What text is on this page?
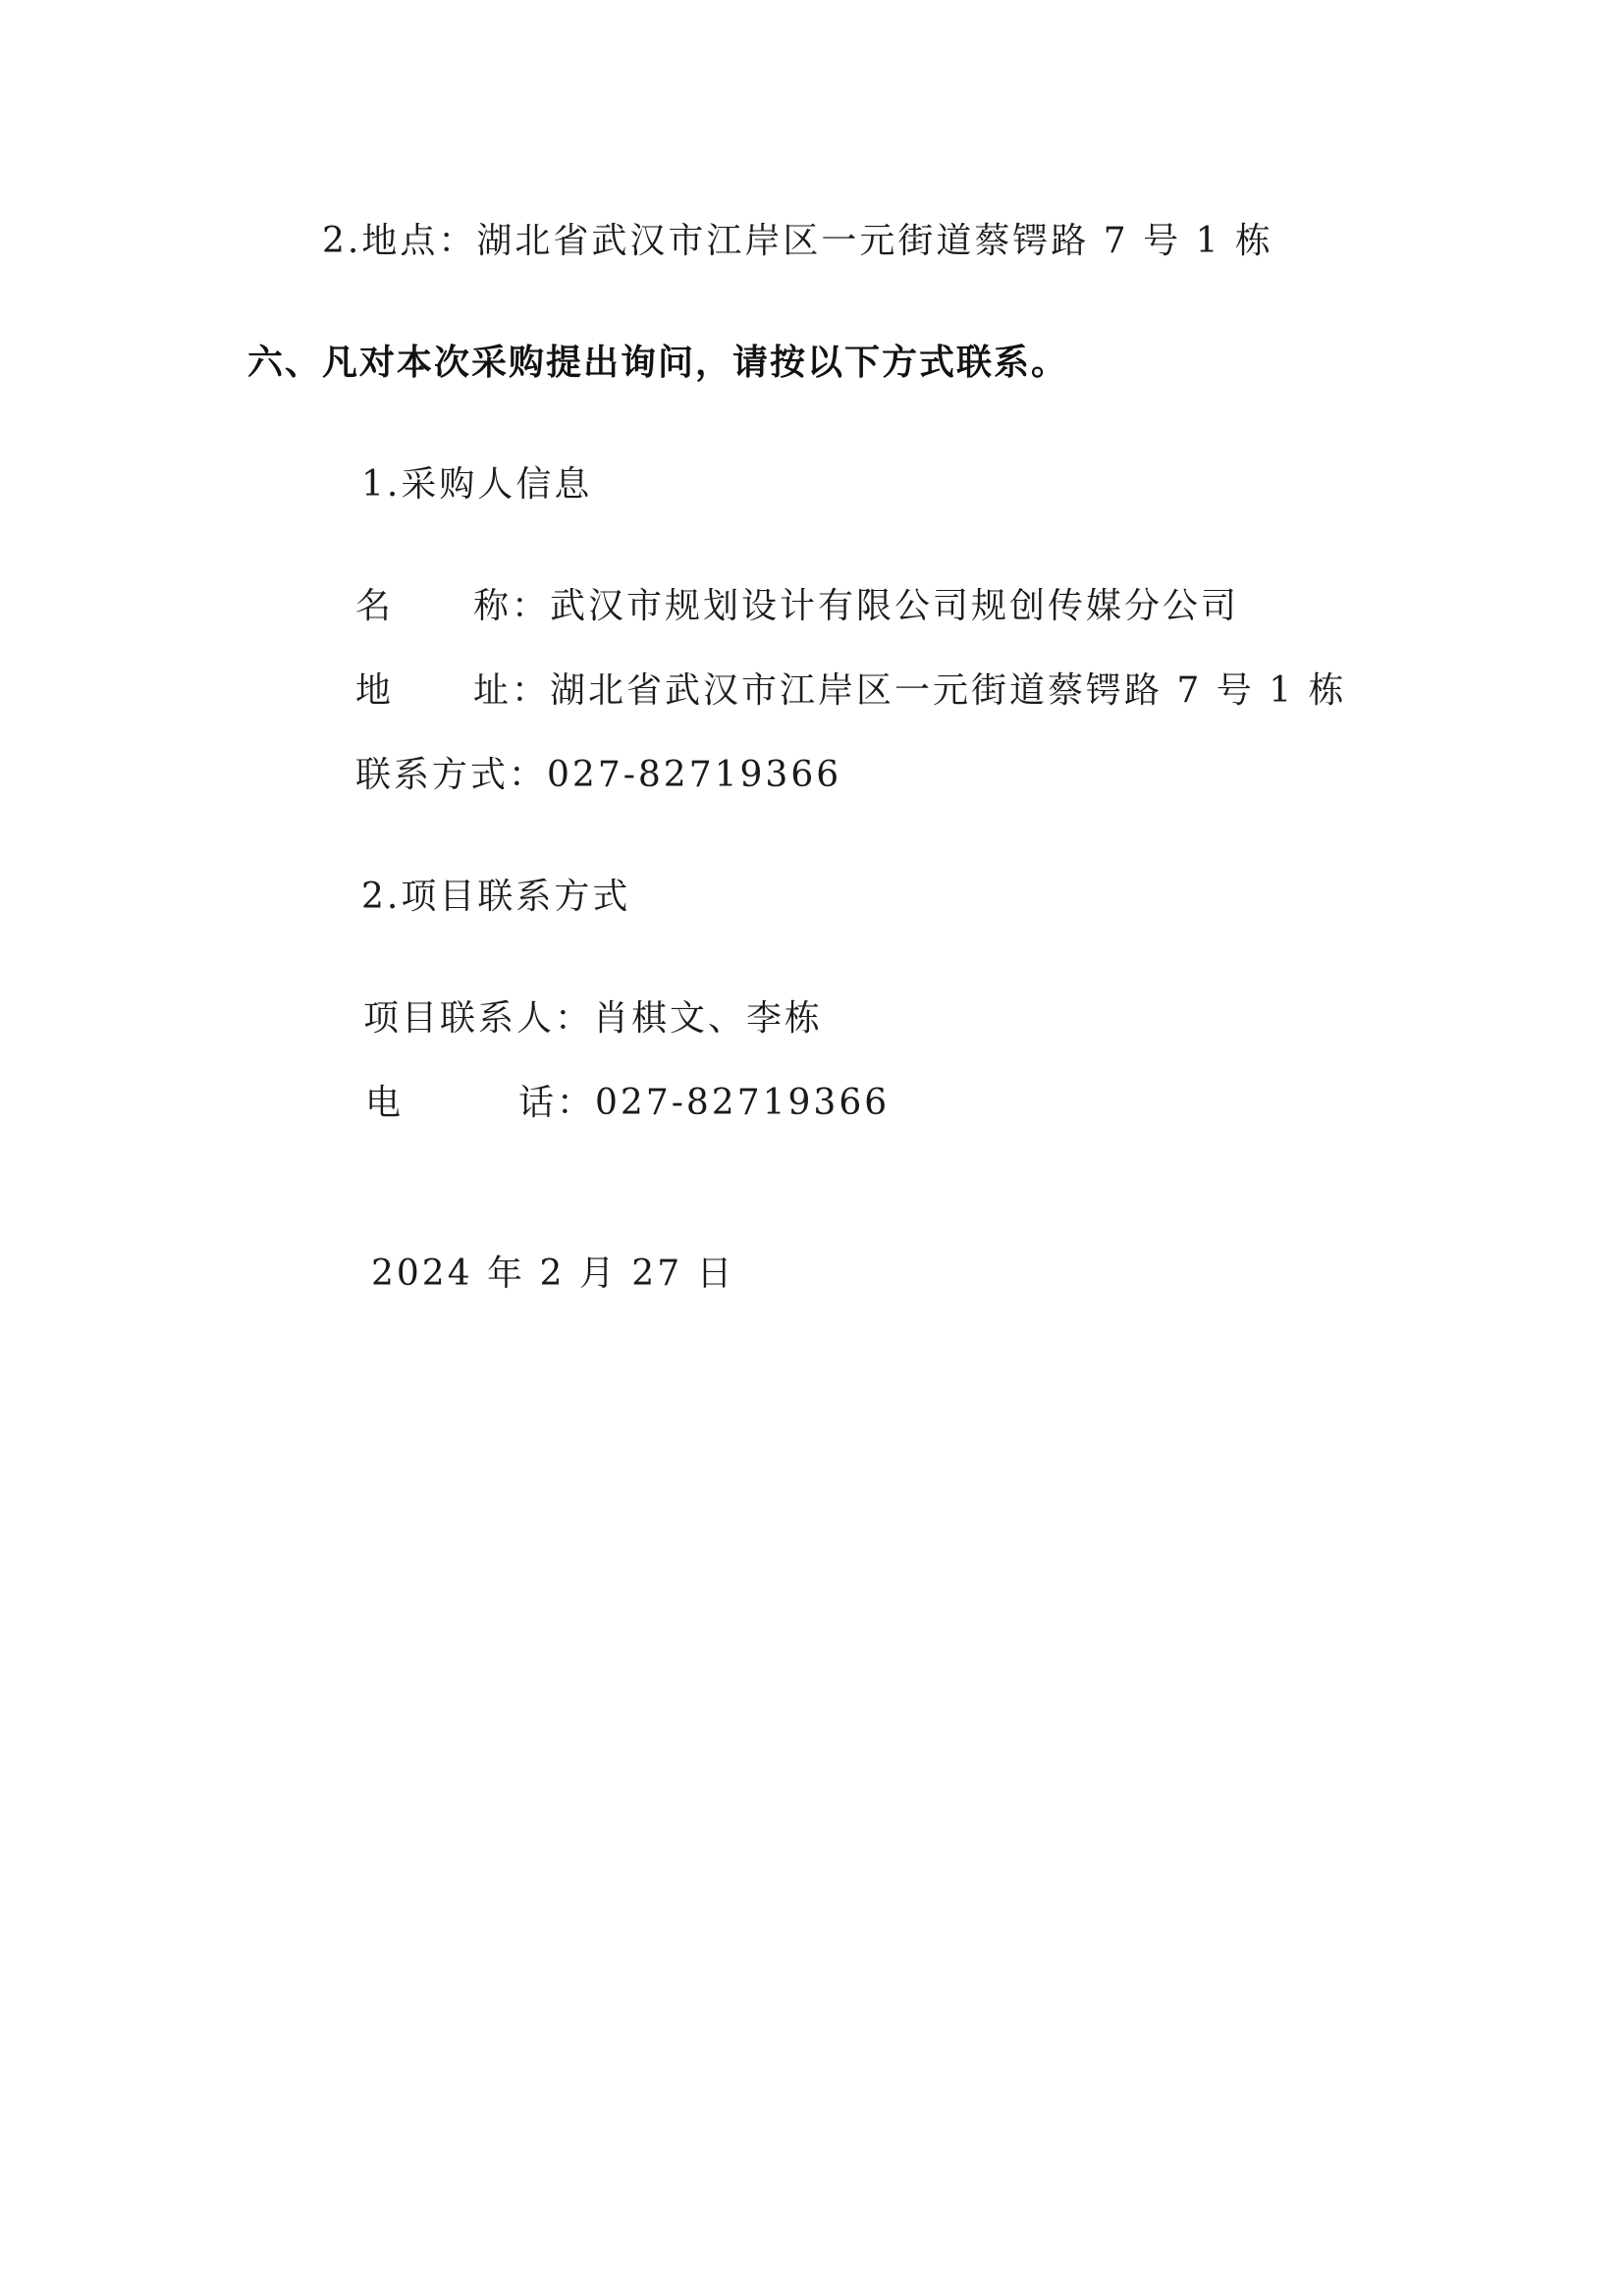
2.地点：湖北省武汉市江岸区一元街道蔡锷路 7 号 1 栋
六、凡对本次采购提出询问，请按以下方式联系。
1.采购人信息
名 称：武汉市规划设计有限公司规创传媒分公司
地 址：湖北省武汉市江岸区一元街道蔡锷路 7 号 1 栋
联系方式：027-82719366
2.项目联系方式
项目联系人：肖棋文、李栋
电	话：027-82719366
2024 年 2 月 27 日
